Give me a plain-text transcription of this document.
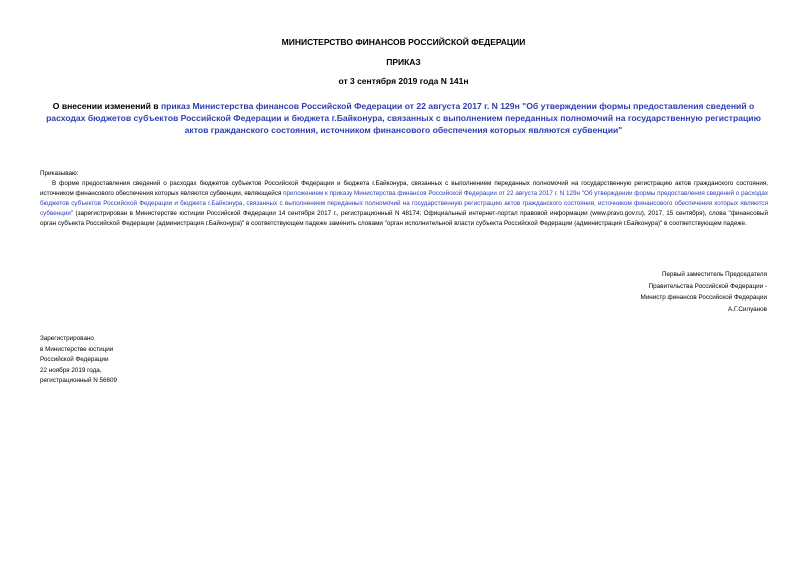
МИНИСТЕРСТВО ФИНАНСОВ РОССИЙСКОЙ ФЕДЕРАЦИИ
ПРИКАЗ
от 3 сентября 2019 года N 141н
О внесении изменений в приказ Министерства финансов Российской Федерации от 22 августа 2017 г. N 129н "Об утверждении формы предоставления сведений о расходах бюджетов субъектов Российской Федерации и бюджета г.Байконура, связанных с выполнением переданных полномочий на государственную регистрацию актов гражданского состояния, источником финансового обеспечения которых являются субвенции"

Приказываю:

В форме предоставления сведений о расходах бюджетов субъектов Российской Федерации и бюджета г.Байконура, связанных с выполнением переданных полномочий на государственную регистрацию актов гражданского состояния, источником финансового обеспечения которых являются субвенции, являющейся приложением к приказу Министерства финансов Российской Федерации от 22 августа 2017 г. N 129н "Об утверждении формы предоставления сведений о расходах бюджетов субъектов Российской Федерации и бюджета г.Байконура, связанных с выполнением переданных полномочий на государственную регистрацию актов гражданского состояния, источником финансового обеспечения которых являются субвенции" (зарегистрирован в Министерстве юстиции Российской Федерации 14 сентября 2017 г., регистрационный N 48174; Официальный интернет-портал правовой информации (www.pravo.gov.ru), 2017, 15 сентября), слова "финансовый орган субъекта Российской Федерации (администрация г.Байконура)" в соответствующем падеже заменить словами "орган исполнительной власти субъекта Российской Федерации (администрация г.Байконура)" в соответствующем падеже.

Первый заместитель Председателя
Правительства Российской Федерации -
Министр финансов Российской Федерации
А.Г.Силуанов
Зарегистрировано
в Министерстве юстиции
Российской Федерации
22 ноября 2019 года,
регистрационный N 56609
